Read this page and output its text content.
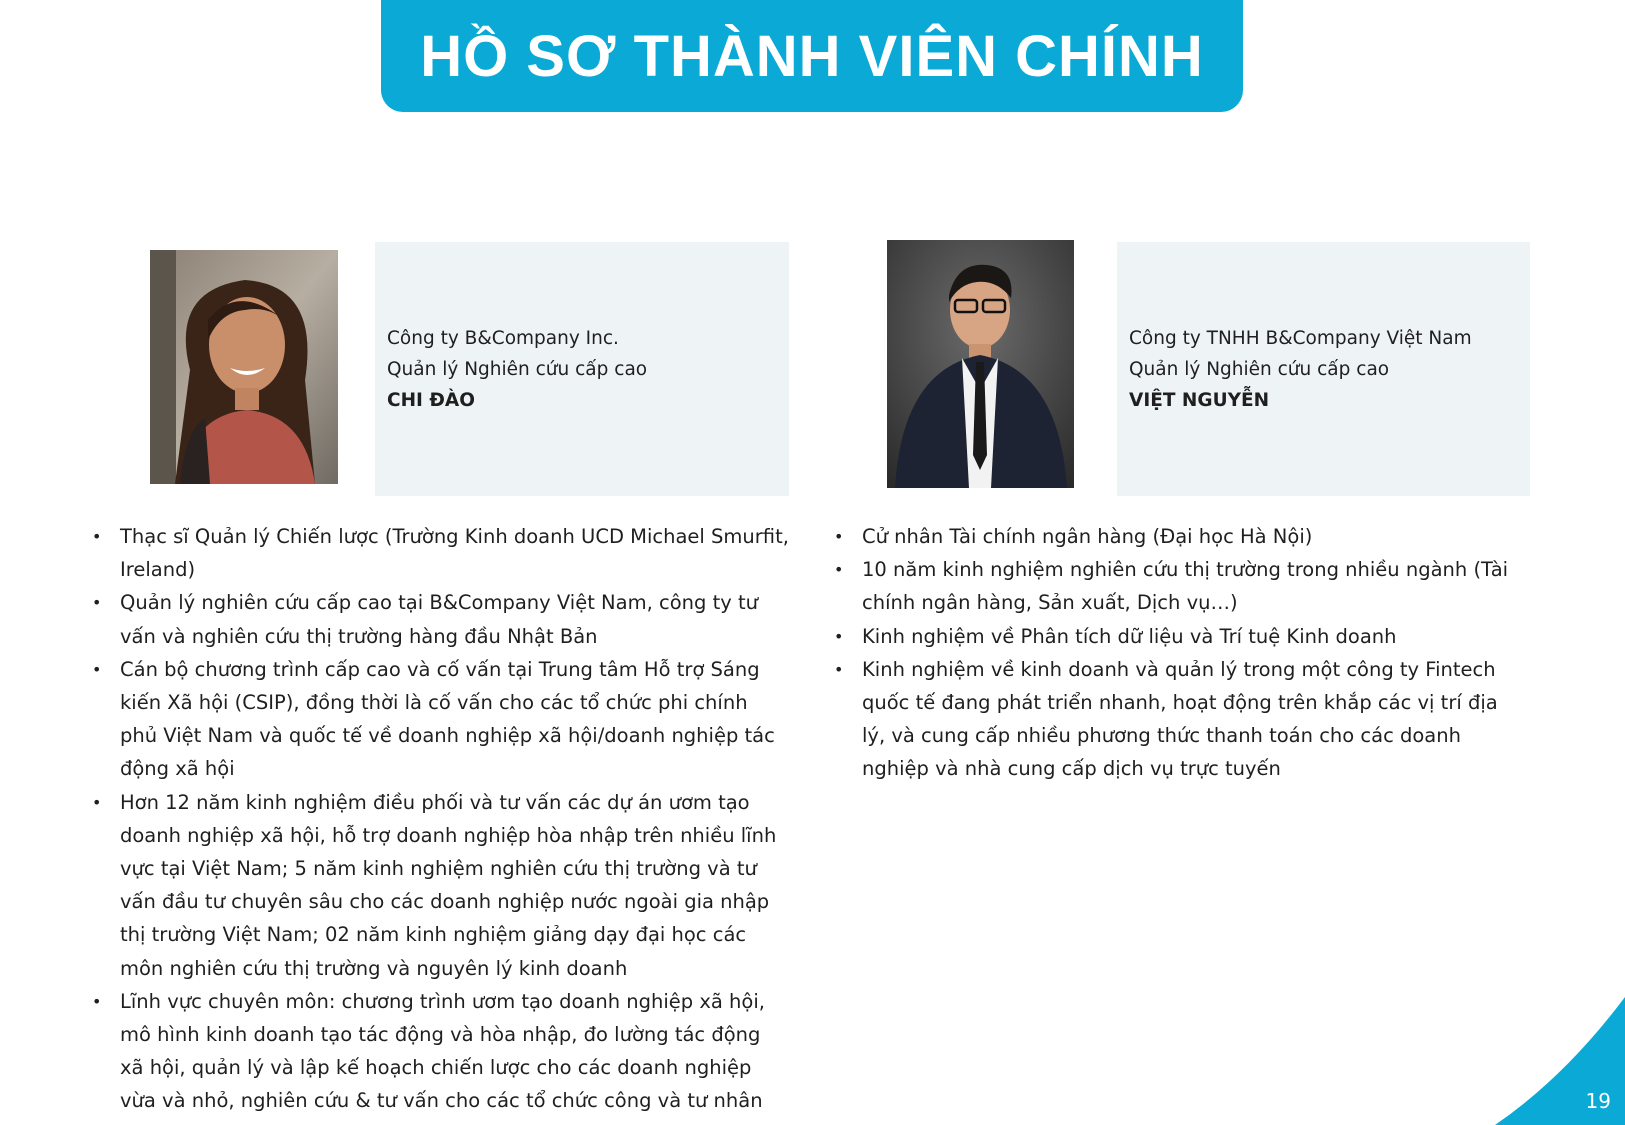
HỒ SƠ THÀNH VIÊN CHÍNH
Công ty B&Company Inc.
Quản lý Nghiên cứu cấp cao
CHI ĐÀO
Công ty TNHH B&Company Việt Nam
Quản lý Nghiên cứu cấp cao
VIỆT NGUYỄN
• Thạc sĩ Quản lý Chiến lược (Trường Kinh doanh UCD Michael Smurfit, Ireland)
• Quản lý nghiên cứu cấp cao tại B&Company Việt Nam, công ty tư vấn và nghiên cứu thị trường hàng đầu Nhật Bản
• Cán bộ chương trình cấp cao và cố vấn tại Trung tâm Hỗ trợ Sáng kiến Xã hội (CSIP), đồng thời là cố vấn cho các tổ chức phi chính phủ Việt Nam và quốc tế về doanh nghiệp xã hội/doanh nghiệp tác động xã hội
• Hơn 12 năm kinh nghiệm điều phối và tư vấn các dự án ươm tạo doanh nghiệp xã hội, hỗ trợ doanh nghiệp hòa nhập trên nhiều lĩnh vực tại Việt Nam; 5 năm kinh nghiệm nghiên cứu thị trường và tư vấn đầu tư chuyên sâu cho các doanh nghiệp nước ngoài gia nhập thị trường Việt Nam; 02 năm kinh nghiệm giảng dạy đại học các môn nghiên cứu thị trường và nguyên lý kinh doanh
• Lĩnh vực chuyên môn: chương trình ươm tạo doanh nghiệp xã hội, mô hình kinh doanh tạo tác động và hòa nhập, đo lường tác động xã hội, quản lý và lập kế hoạch chiến lược cho các doanh nghiệp vừa và nhỏ, nghiên cứu & tư vấn cho các tổ chức công và tư nhân
• Cử nhân Tài chính ngân hàng (Đại học Hà Nội)
• 10 năm kinh nghiệm nghiên cứu thị trường trong nhiều ngành (Tài chính ngân hàng, Sản xuất, Dịch vụ…)
• Kinh nghiệm về Phân tích dữ liệu và Trí tuệ Kinh doanh
• Kinh nghiệm về kinh doanh và quản lý trong một công ty Fintech quốc tế đang phát triển nhanh, hoạt động trên khắp các vị trí địa lý, và cung cấp nhiều phương thức thanh toán cho các doanh nghiệp và nhà cung cấp dịch vụ trực tuyến
19
